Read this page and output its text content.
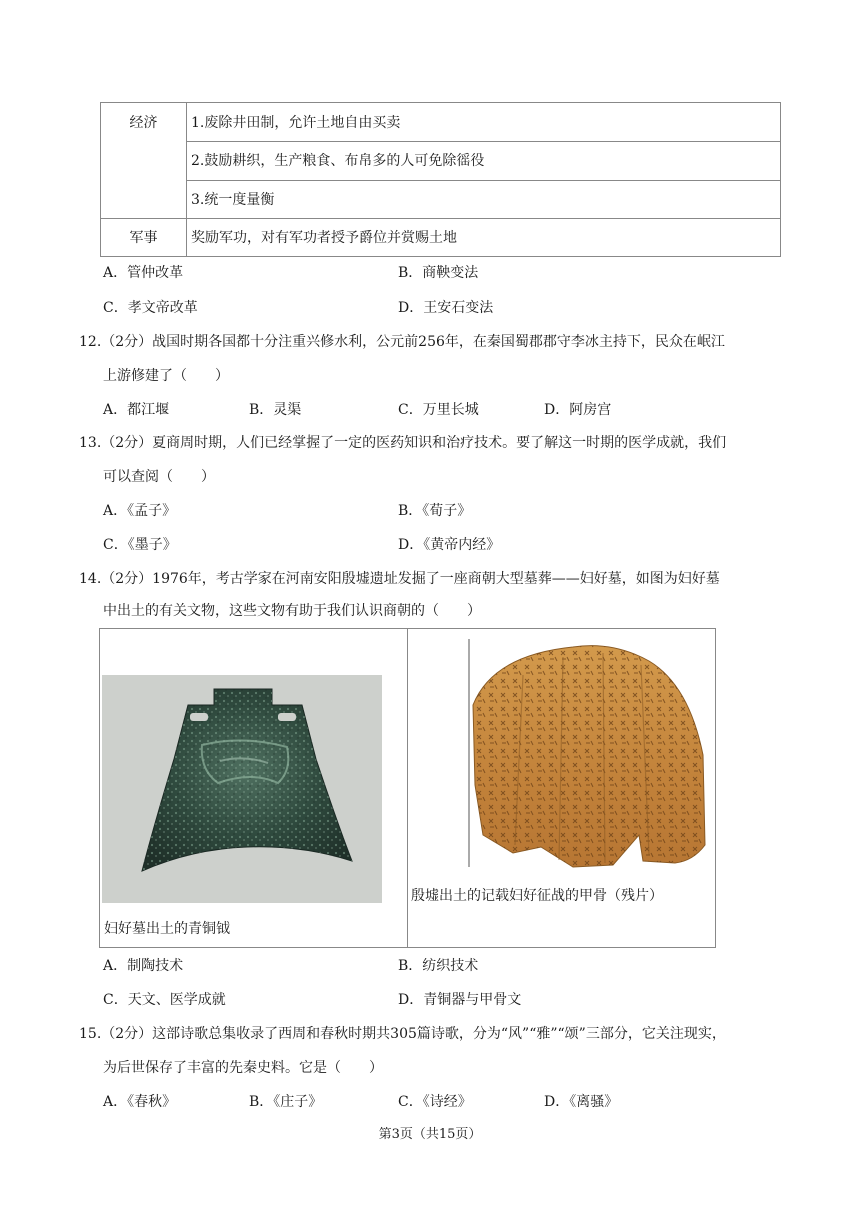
经济	1.废除井田制，允许土地自由买卖
2.鼓励耕织，生产粮食、布帛多的人可免除徭役
3.统一度量衡
军事	奖励军功，对有军功者授予爵位并赏赐土地
A．管仲改革	B．商鞅变法
C．孝文帝改革	D．王安石变法
12.（2分）战国时期各国都十分注重兴修水利，公元前256年，在秦国蜀郡郡守李冰主持下，民众在岷江
上游修建了（　　）
A．都江堰	B．灵渠	C．万里长城	D．阿房宫
13.（2分）夏商周时期，人们已经掌握了一定的医药知识和治疗技术。要了解这一时期的医学成就，我们
可以查阅（　　）
A．《孟子》	B．《荀子》
C．《墨子》	D．《黄帝内经》
14.（2分）1976年，考古学家在河南安阳殷墟遗址发掘了一座商朝大型墓葬——妇好墓，如图为妇好墓
中出土的有关文物，这些文物有助于我们认识商朝的（　　）
妇好墓出土的青铜钺
殷墟出土的记载妇好征战的甲骨（残片）
A．制陶技术	B．纺织技术
C．天文、医学成就	D．青铜器与甲骨文
15.（2分）这部诗歌总集收录了西周和春秋时期共305篇诗歌，分为“风”“雅”“颂”三部分，它关注现实，
为后世保存了丰富的先秦史料。它是（　　）
A．《春秋》	B．《庄子》	C．《诗经》	D．《离骚》
第3页（共15页）
